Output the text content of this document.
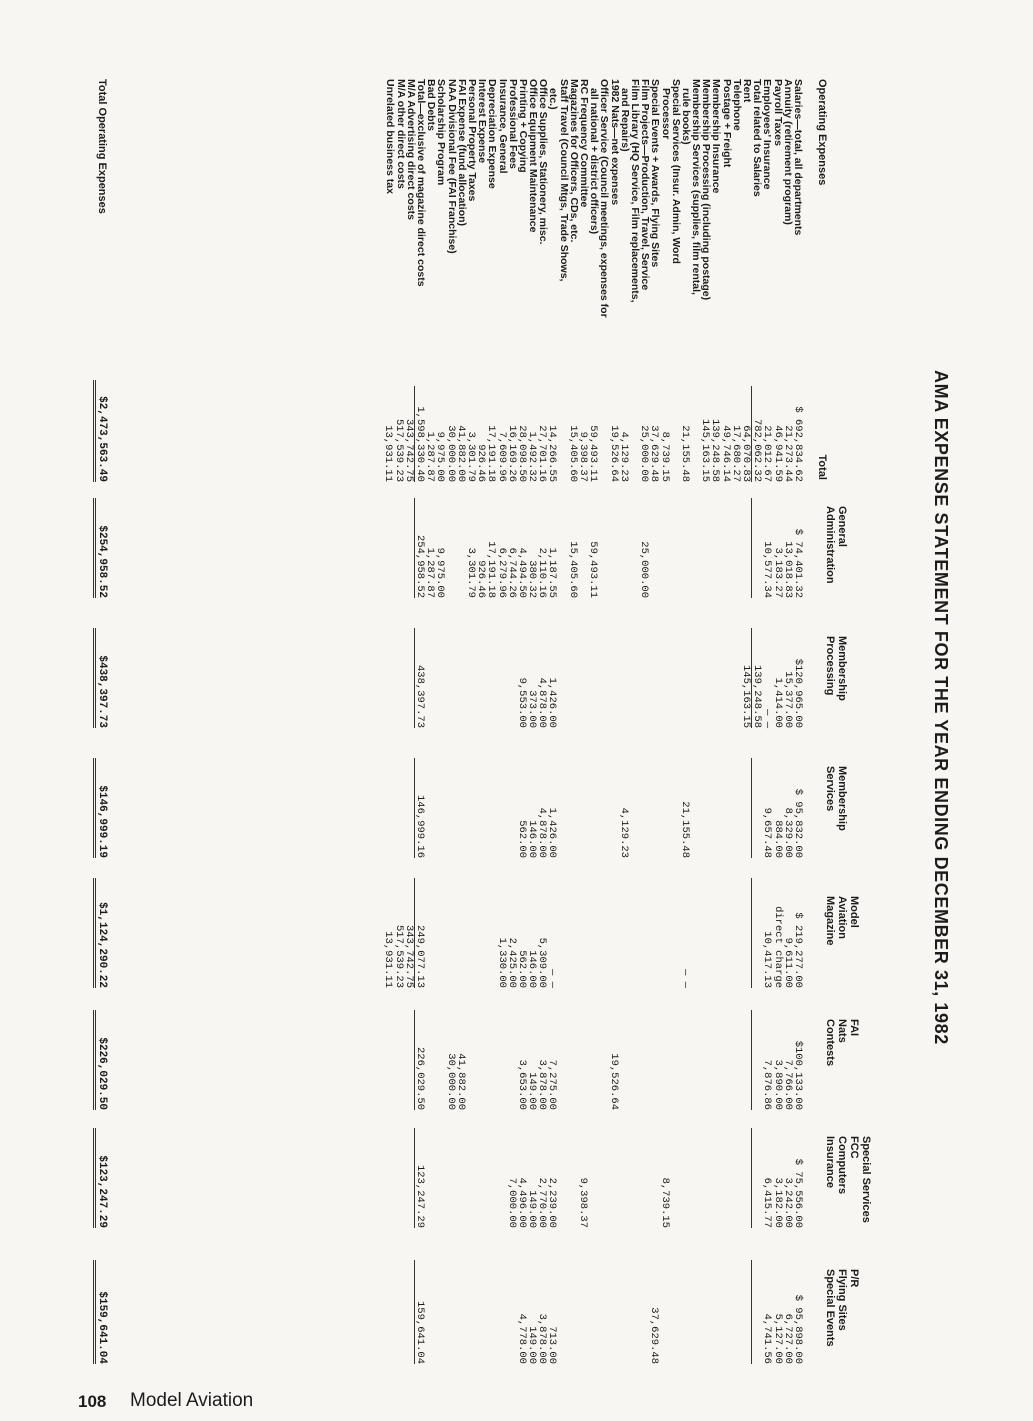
AMA EXPENSE STATEMENT FOR THE YEAR ENDING DECEMBER 31, 1982
Operating Expenses
Total
General
Administration
Membership
Processing
Membership
Services
Model
Aviation
Magazine
FAI
Nats
Contests
Special Services
FCC
Computers
Insurance
P/R
Flying Sites
Special Events
Salaries—total, all departments
Annuity (retirement program)
Payroll Taxes
Employees' Insurance
Total related to Salaries
Rent
Telephone
Postage + Freight
Membership Insurance
Membership Processing (including postage)
Membership Services (supplies, film rental,
rule books)
Special Services (Insur. Admin, Word
Processor
Special Events + Awards, Flying Sites
Film Projects—Production, Travel, Service
Film Library (HQ Service, Film replacements,
and Repairs)
1982 Nats—net expenses
Officer Service (Council meetings, expenses for
all national + district officers)
RC Frequency Committee
Magazines for Officers, CDs, etc.
Staff Travel (Council Mtgs, Trade Shows,
etc.)
Office Supplies, Stationery, misc.
Office Equipment Maintenance
Printing + Copying
Professional Fees
Insurance, General
Depreciation Expense
Interest Expense
Personal Property Taxes
FAI Expense (fund allocation)
NAA Divisional Fee (FAI Franchise)
Scholarship Program
Bad Debts
Total—exclusive of magazine direct costs
M/A Advertising direct costs
M/A other direct costs
Unrelated business tax
$ 692,834.62
21,273.44
46,941.59
21,012.67
782,062.32
64,070.83
17,680.27
49,746.14
139,248.58
145,163.15
21,155.48
8,739.15
37,629.48
25,000.00
4,129.23
19,526.64
59,493.11
9,398.37
15,405.60
14,266.55
27,701.16
1,492.32
28,098.50
16,169.26
7,609.96
17,191.18
926.46
3,301.79
41,882.00
30,000.00
9,975.00
1,287.87
1,598,330.40
343,742.75
517,539.23
13,931.11
$ 74,401.32
13,018.83
3,183.27
10,577.34
25,000.00
59,493.11
15,405.60
1,187.55
2,110.16
380.32
4,494.50
6,744.26
6,279.96
17,191.18
926.46
3,301.79
9,975.00
1,287.87
254,958.52
$120,965.00
15,377.00
1,414.00
— —
139,248.58
145,163.15
1,426.00
4,878.00
373.00
9,553.00
438,397.73
$ 95,832.00
8,329.00
884.00
9,657.48
21,155.48
4,129.23
1,426.00
4,878.00
146.00
562.00
146,999.16
$ 219,277.00
9,611.00
direct charge
10,417.13
— —
— —
5,309.00
146.00
562.00
2,425.00
1,330.00
249,077.13
343,742.75
517,539.23
13,931.11
$100,133.00
7,766.00
3,890.00
7,876.86
19,526.64
7,275.00
3,878.00
149.00
3,653.00
41,882.00
30,000.00
226,029.50
$ 75,556.00
3,242.00
3,182.00
6,415.77
8,739.15
9,398.37
2,239.00
2,770.00
149.00
4,496.00
7,000.00
123,247.29
$ 95,898.00
6,727.00
5,127.00
4,741.56
37,629.48
713.00
3,878.00
149.00
4,778.00
159,641.04
Total Operating Expenses
$2,473,563.49
$254,958.52
$438,397.73
$146,999.19
$1,124,290.22
$226,029.50
$123,247.29
$159,641.04
108 Model Aviation
